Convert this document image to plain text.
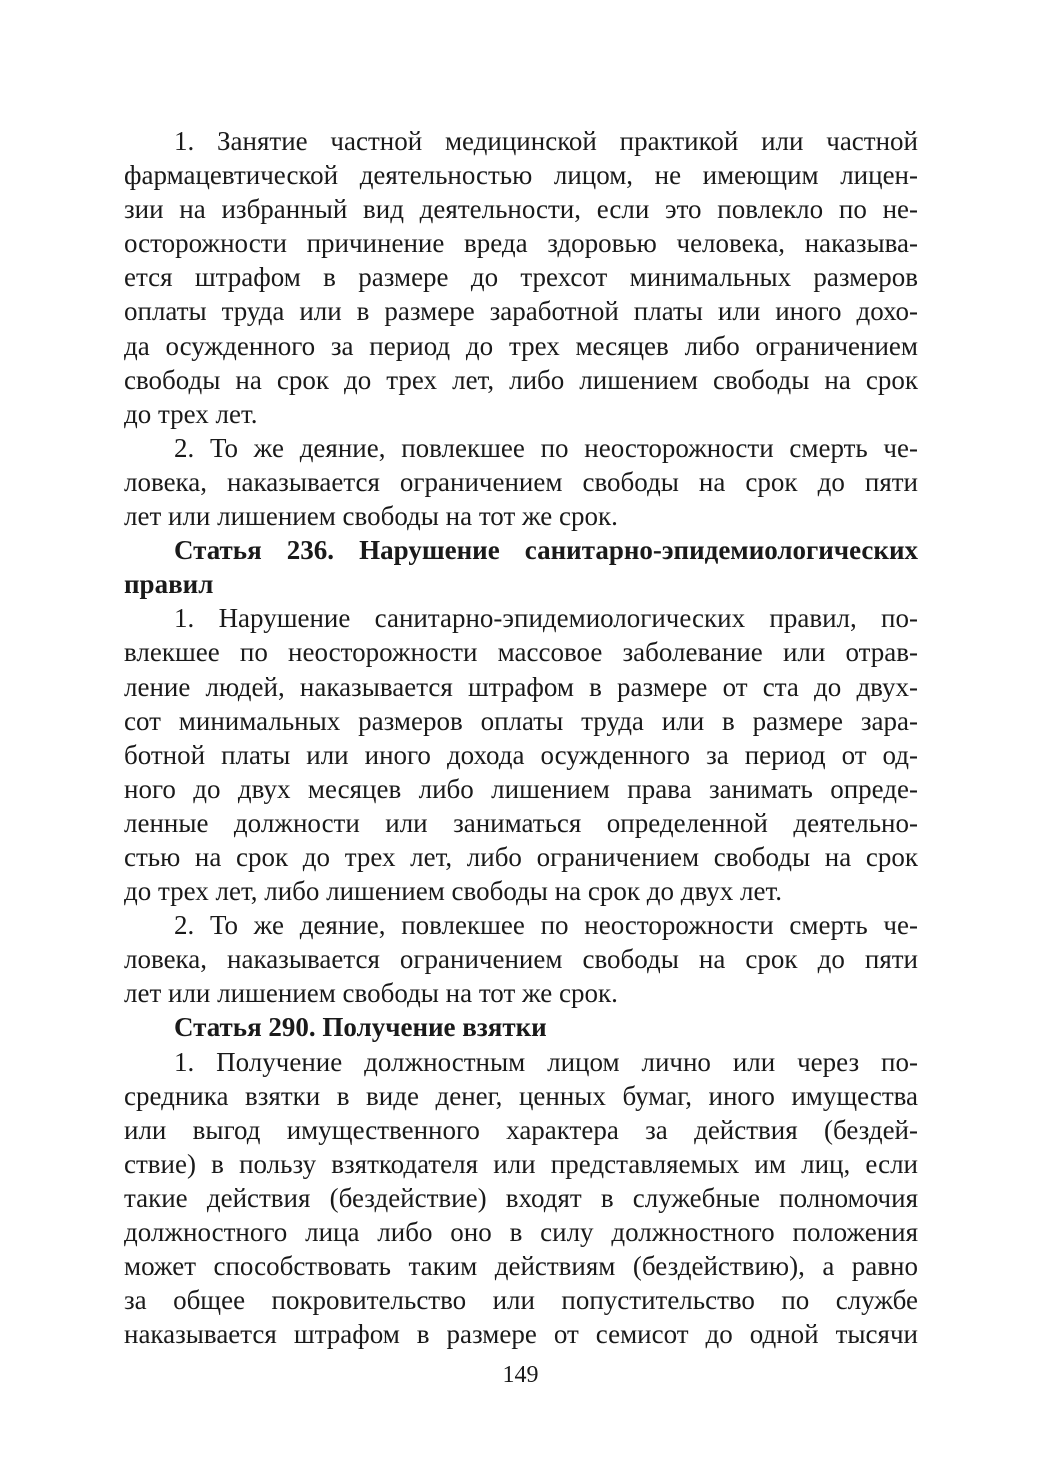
1. Занятие частной медицинской практикой или частной
фармацевтической деятельностью лицом, не имеющим лицен-
зии на избранный вид деятельности, если это повлекло по не-
осторожности причинение вреда здоровью человека, наказыва-
ется штрафом в размере до трехсот минимальных размеров
оплаты труда или в размере заработной платы или иного дохо-
да осужденного за период до трех месяцев либо ограничением
свободы на срок до трех лет, либо лишением свободы на срок
до трех лет.
2. То же деяние, повлекшее по неосторожности смерть че-
ловека, наказывается ограничением свободы на срок до пяти
лет или лишением свободы на тот же срок.
Статья 236. Нарушение санитарно-эпидемиологических
правил
1. Нарушение санитарно-эпидемиологических правил, по-
влекшее по неосторожности массовое заболевание или отрав-
ление людей, наказывается штрафом в размере от ста до двух-
сот минимальных размеров оплаты труда или в размере зара-
ботной платы или иного дохода осужденного за период от од-
ного до двух месяцев либо лишением права занимать опреде-
ленные должности или заниматься определенной деятельно-
стью на срок до трех лет, либо ограничением свободы на срок
до трех лет, либо лишением свободы на срок до двух лет.
2. То же деяние, повлекшее по неосторожности смерть че-
ловека, наказывается ограничением свободы на срок до пяти
лет или лишением свободы на тот же срок.
Статья 290. Получение взятки
1. Получение должностным лицом лично или через по-
средника взятки в виде денег, ценных бумаг, иного имущества
или выгод имущественного характера за действия (бездей-
ствие) в пользу взяткодателя или представляемых им лиц, если
такие действия (бездействие) входят в служебные полномочия
должностного лица либо оно в силу должностного положения
может способствовать таким действиям (бездействию), а равно
за общее покровительство или попустительство по службе
наказывается штрафом в размере от семисот до одной тысячи
149
